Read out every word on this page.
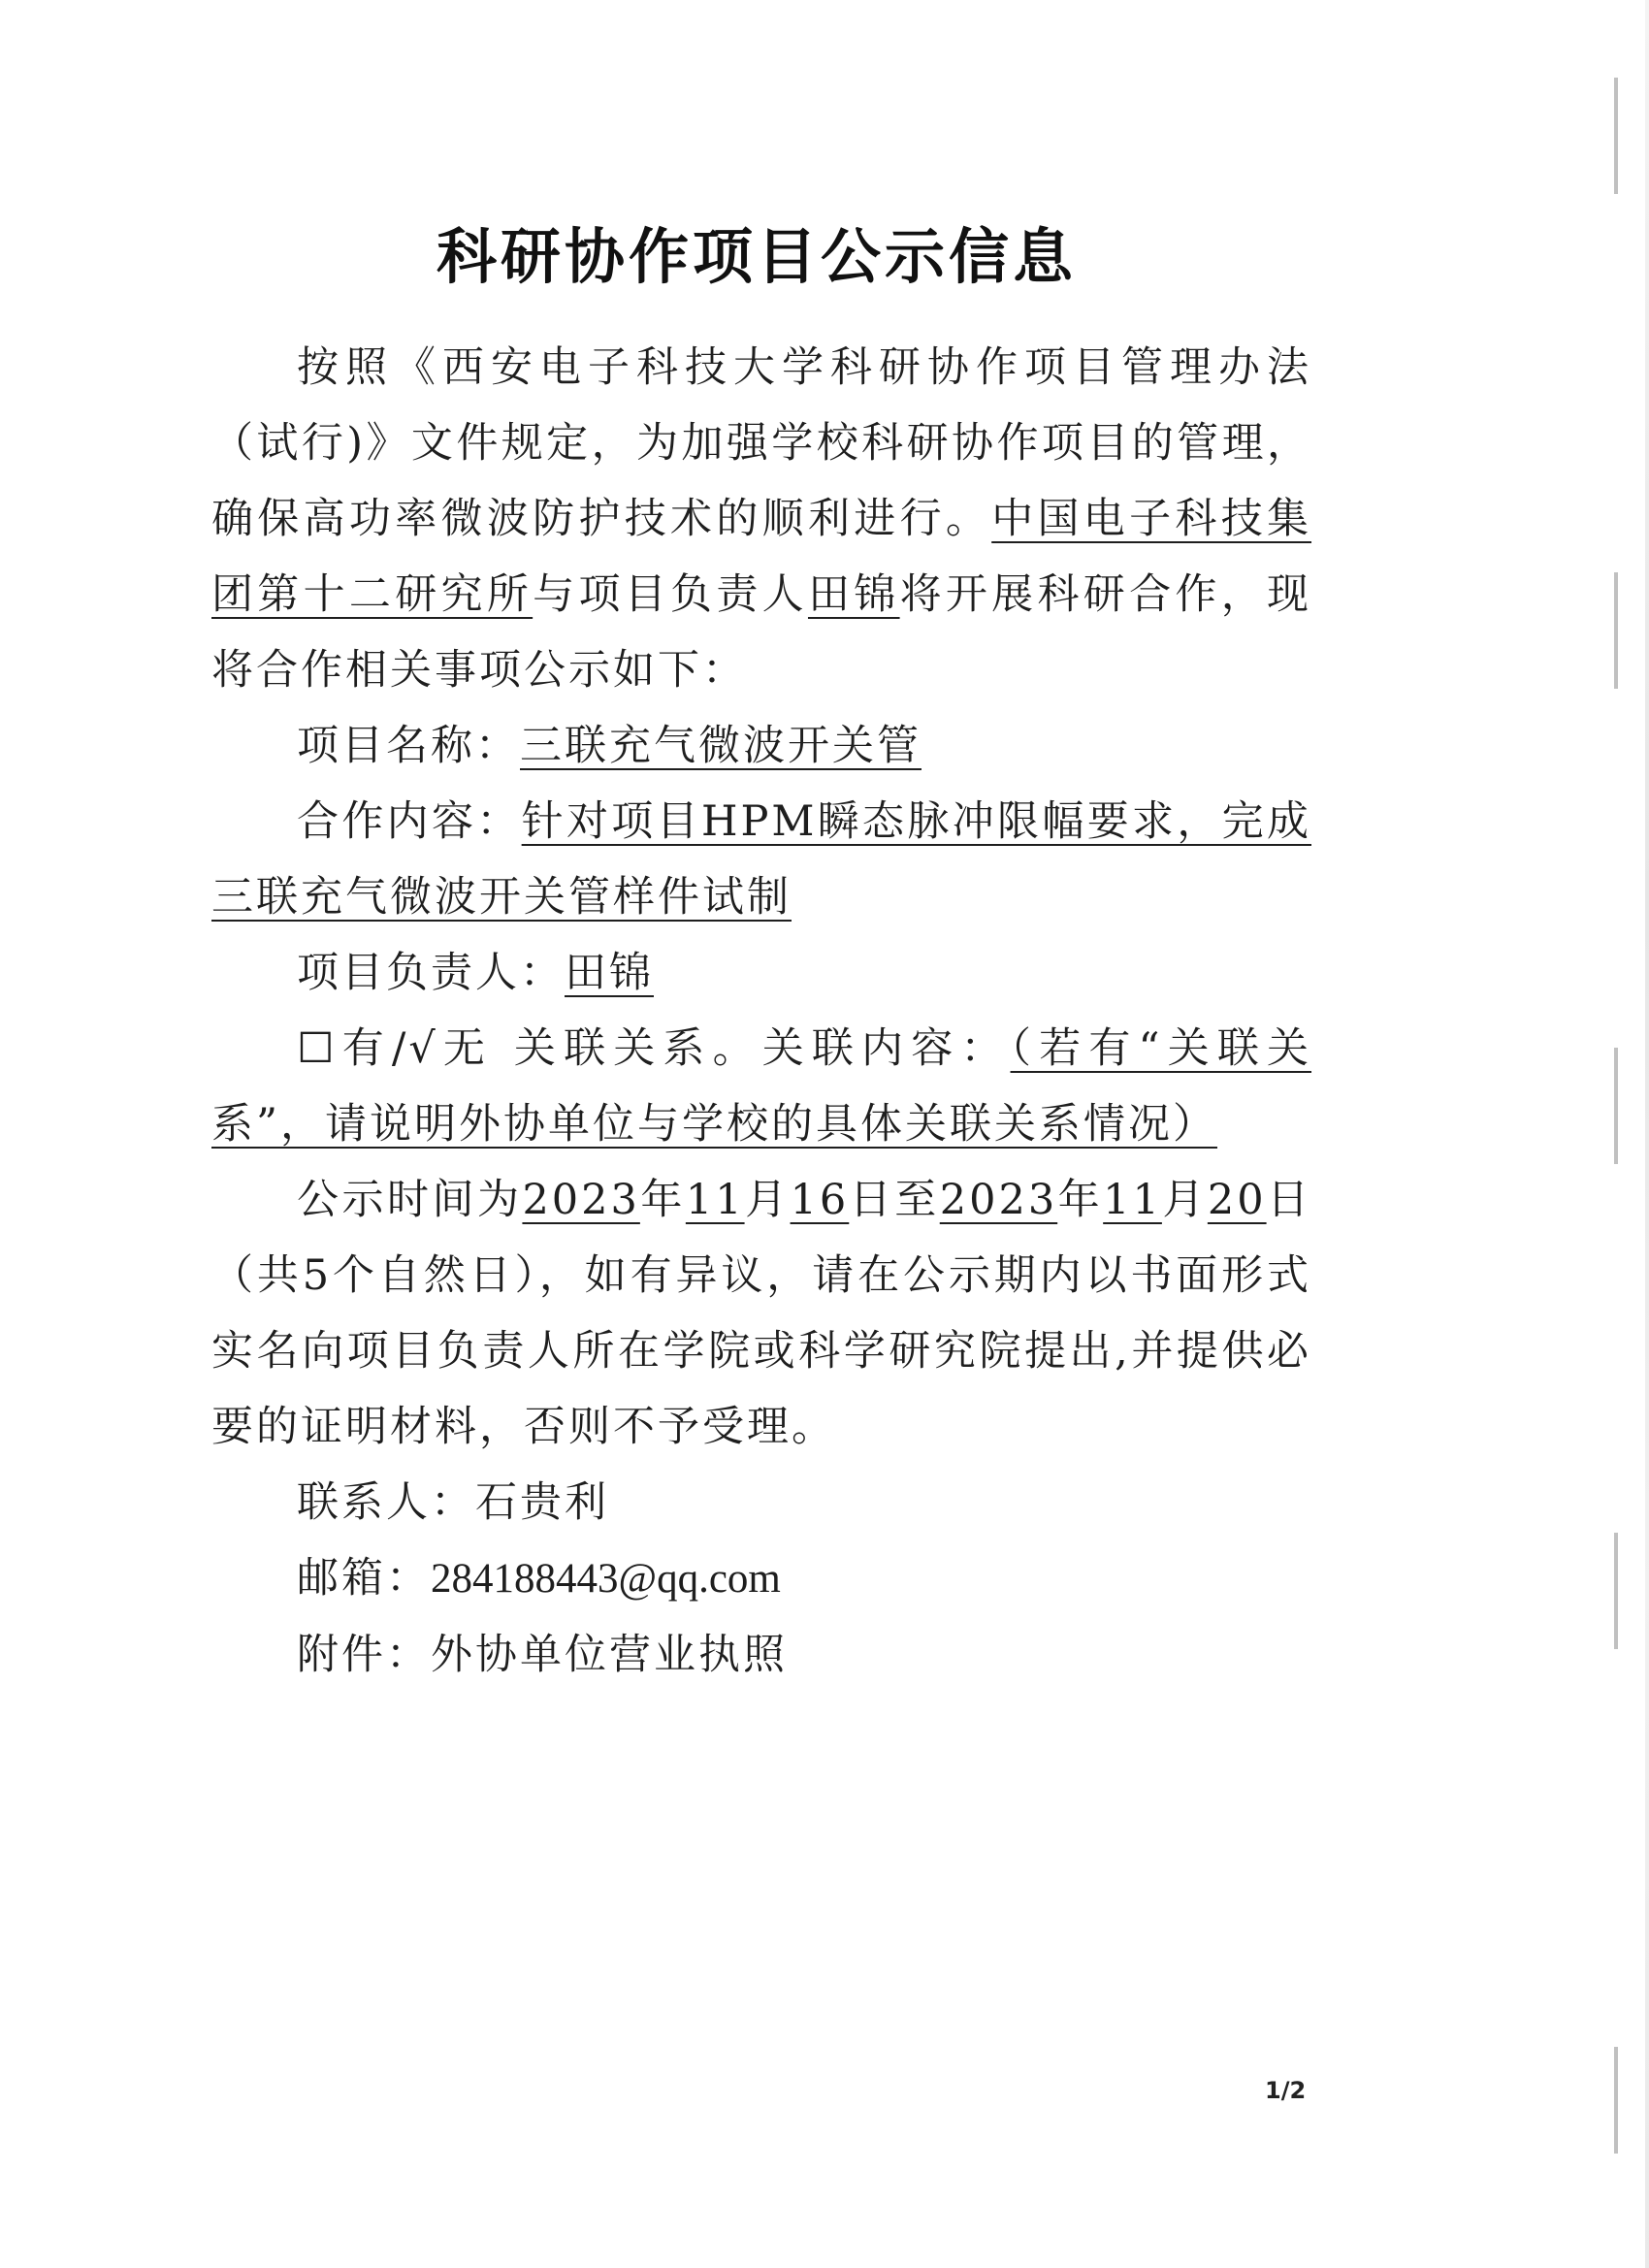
科研协作项目公示信息

按照《西安电子科技大学科研协作项目管理办法（试行)》文件规定，为加强学校科研协作项目的管理，确保高功率微波防护技术的顺利进行。中国电子科技集团第十二研究所与项目负责人田锦将开展科研合作，现将合作相关事项公示如下：

项目名称：三联充气微波开关管

合作内容：针对项目HPM瞬态脉冲限幅要求，完成三联充气微波开关管样件试制

项目负责人：田锦

☐有/√无 关联关系。关联内容：（若有“关联关系”，请说明外协单位与学校的具体关联关系情况）

公示时间为2023年11月16日至2023年11月20日（共5个自然日），如有异议，请在公示期内以书面形式实名向项目负责人所在学院或科学研究院提出,并提供必要的证明材料，否则不予受理。

联系人：石贵利

邮箱：284188443@qq.com

附件：外协单位营业执照

1/2
